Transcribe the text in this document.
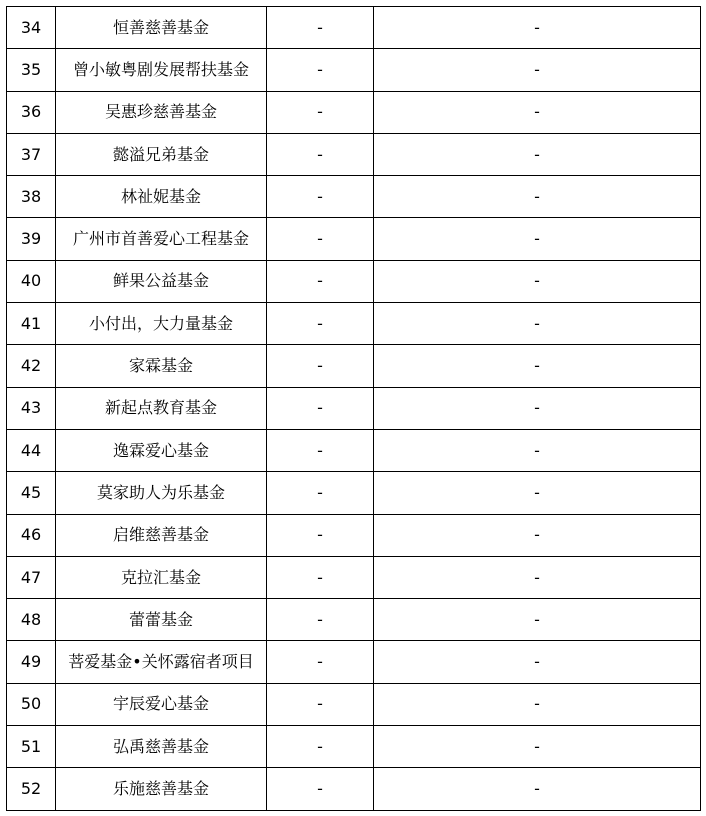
34	恒善慈善基金	-	-
35	曾小敏粤剧发展帮扶基金	-	-
36	吴惠珍慈善基金	-	-
37	懿溢兄弟基金	-	-
38	林祉妮基金	-	-
39	广州市首善爱心工程基金	-	-
40	鲜果公益基金	-	-
41	小付出，大力量基金	-	-
42	家霖基金	-	-
43	新起点教育基金	-	-
44	逸霖爱心基金	-	-
45	莫家助人为乐基金	-	-
46	启维慈善基金	-	-
47	克拉汇基金	-	-
48	蕾蕾基金	-	-
49	菩爱基金•关怀露宿者项目	-	-
50	宇辰爱心基金	-	-
51	弘禹慈善基金	-	-
52	乐施慈善基金	-	-
